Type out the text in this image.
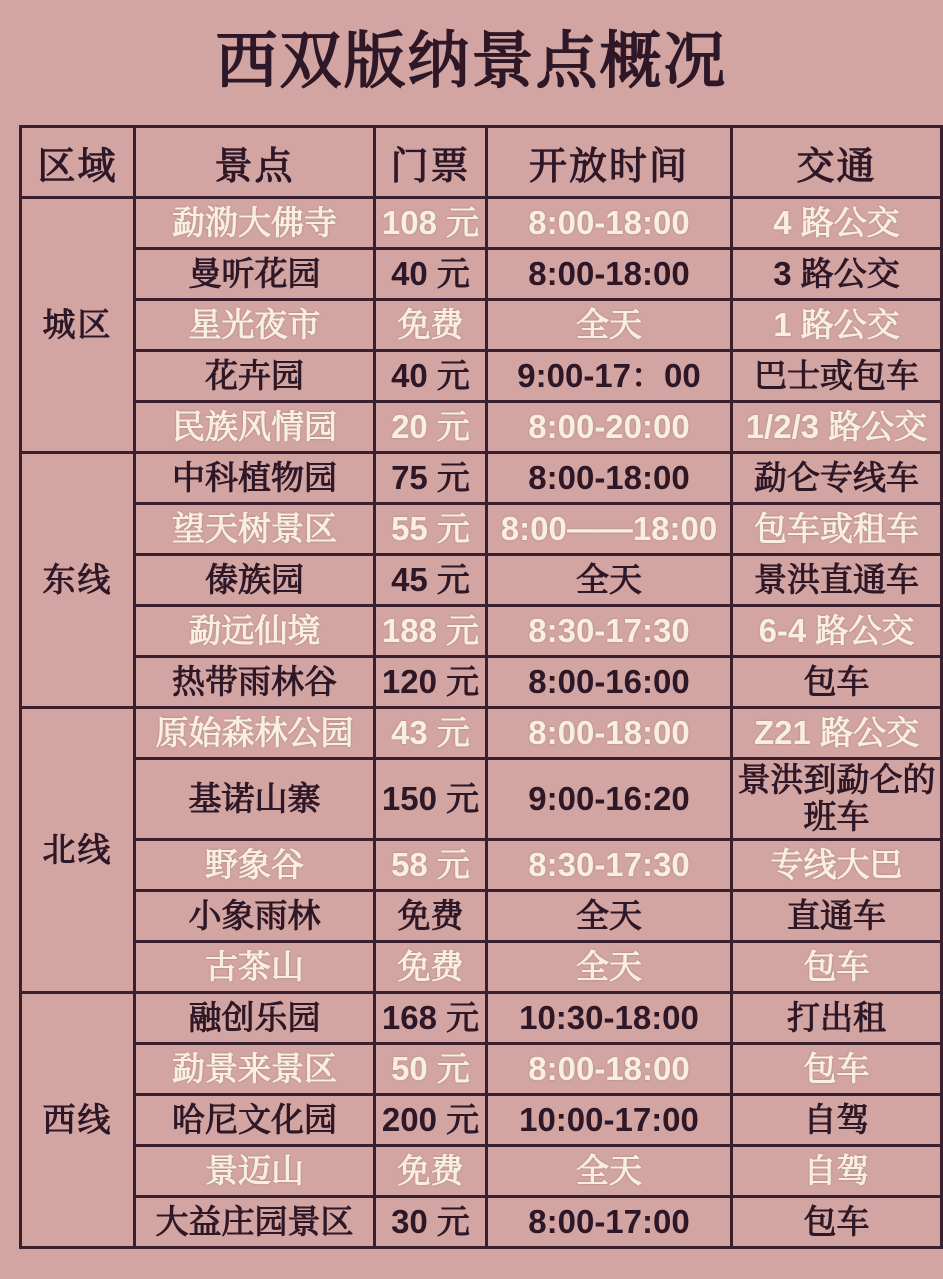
西双版纳景点概况
区域	景点	门票	开放时间	交通
城区	勐泐大佛寺	108 元	8:00-18:00	4 路公交
	曼听花园	40 元	8:00-18:00	3 路公交
	星光夜市	免费	全天	1 路公交
	花卉园	40 元	9:00-17：00	巴士或包车
	民族风情园	20 元	8:00-20:00	1/2/3 路公交
东线	中科植物园	75 元	8:00-18:00	勐仑专线车
	望天树景区	55 元	8:00——18:00	包车或租车
	傣族园	45 元	全天	景洪直通车
	勐远仙境	188 元	8:30-17:30	6-4 路公交
	热带雨林谷	120 元	8:00-16:00	包车
北线	原始森林公园	43 元	8:00-18:00	Z21 路公交
	基诺山寨	150 元	9:00-16:20	景洪到勐仑的班车
	野象谷	58 元	8:30-17:30	专线大巴
	小象雨林	免费	全天	直通车
	古茶山	免费	全天	包车
西线	融创乐园	168 元	10:30-18:00	打出租
	勐景来景区	50 元	8:00-18:00	包车
	哈尼文化园	200 元	10:00-17:00	自驾
	景迈山	免费	全天	自驾
	大益庄园景区	30 元	8:00-17:00	包车
